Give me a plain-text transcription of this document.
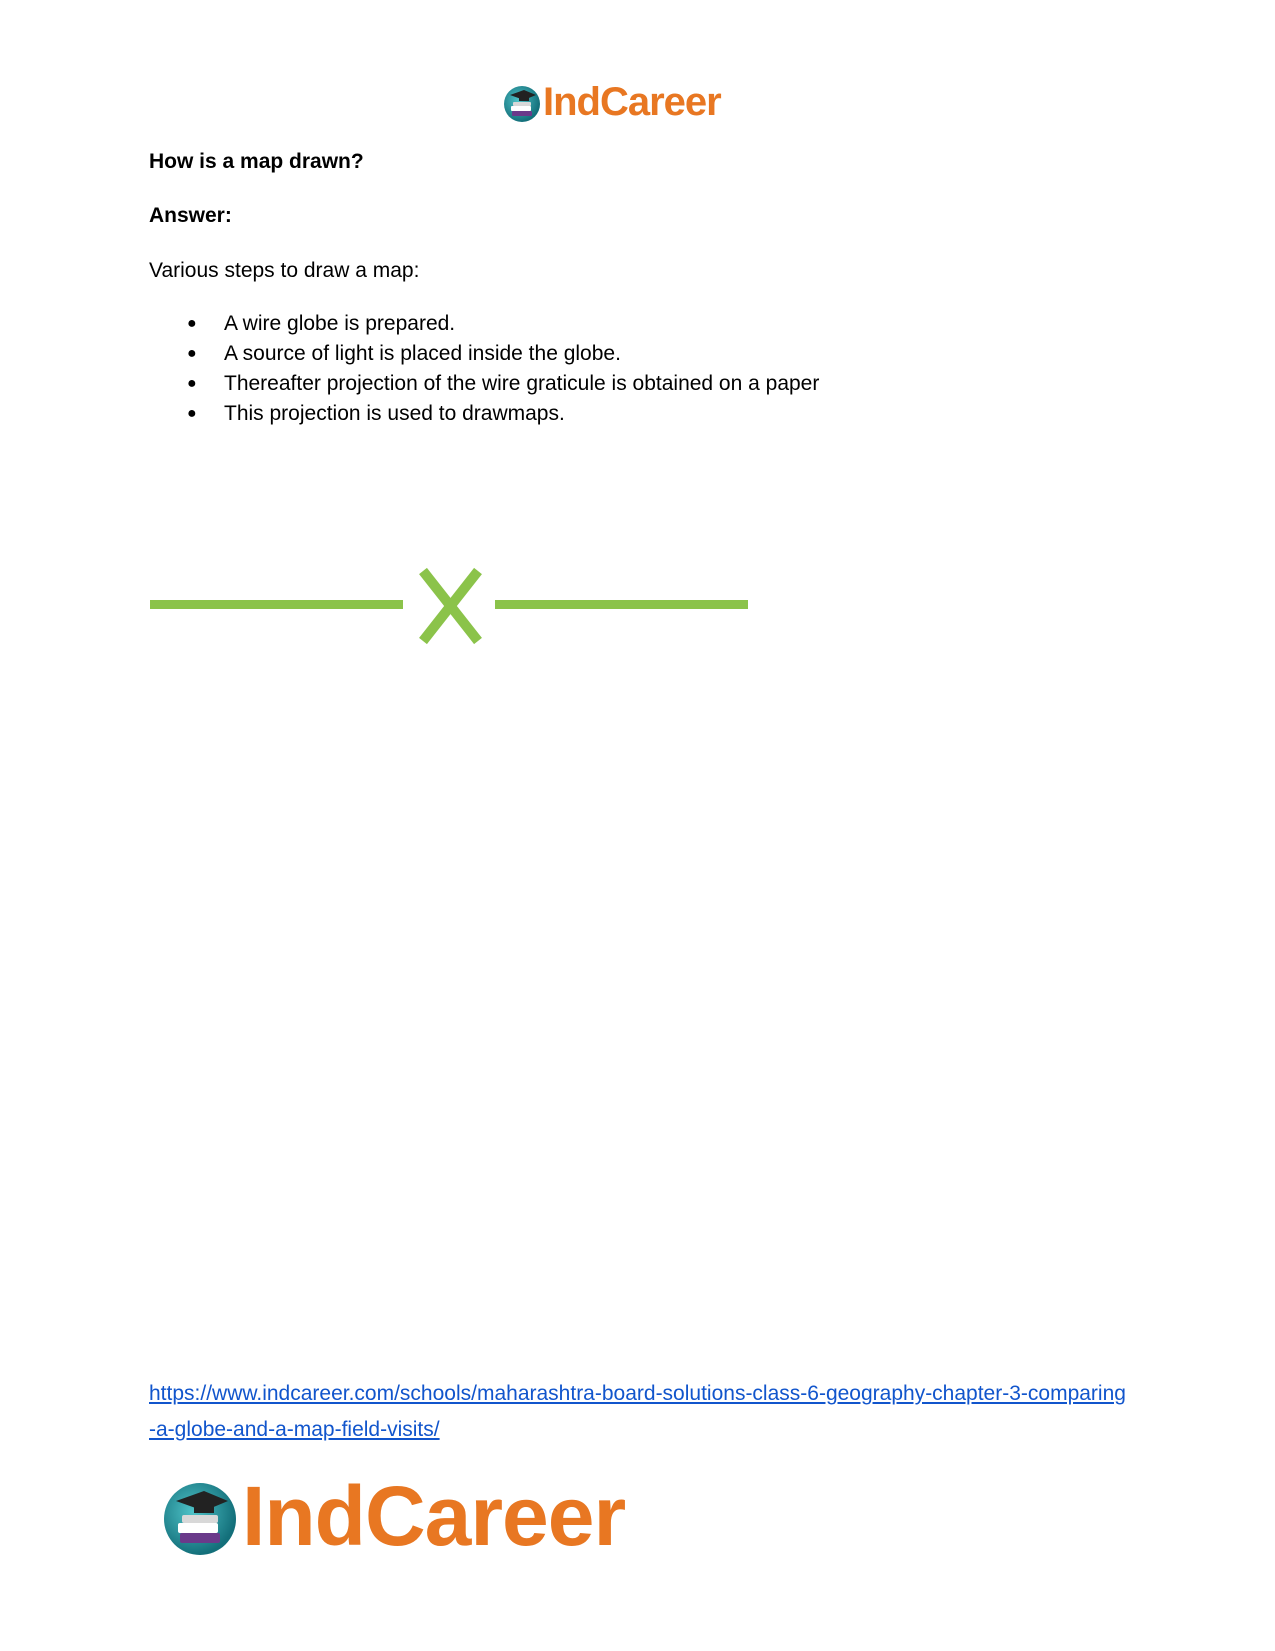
IndCareer

How is a map drawn?

Answer:

Various steps to draw a map:

● A wire globe is prepared.
● A source of light is placed inside the globe.
● Thereafter projection of the wire graticule is obtained on a paper
● This projection is used to drawmaps.
https://www.indcareer.com/schools/maharashtra-board-solutions-class-6-geography-chapter-3-comparing-a-globe-and-a-map-field-visits/
IndCareer
